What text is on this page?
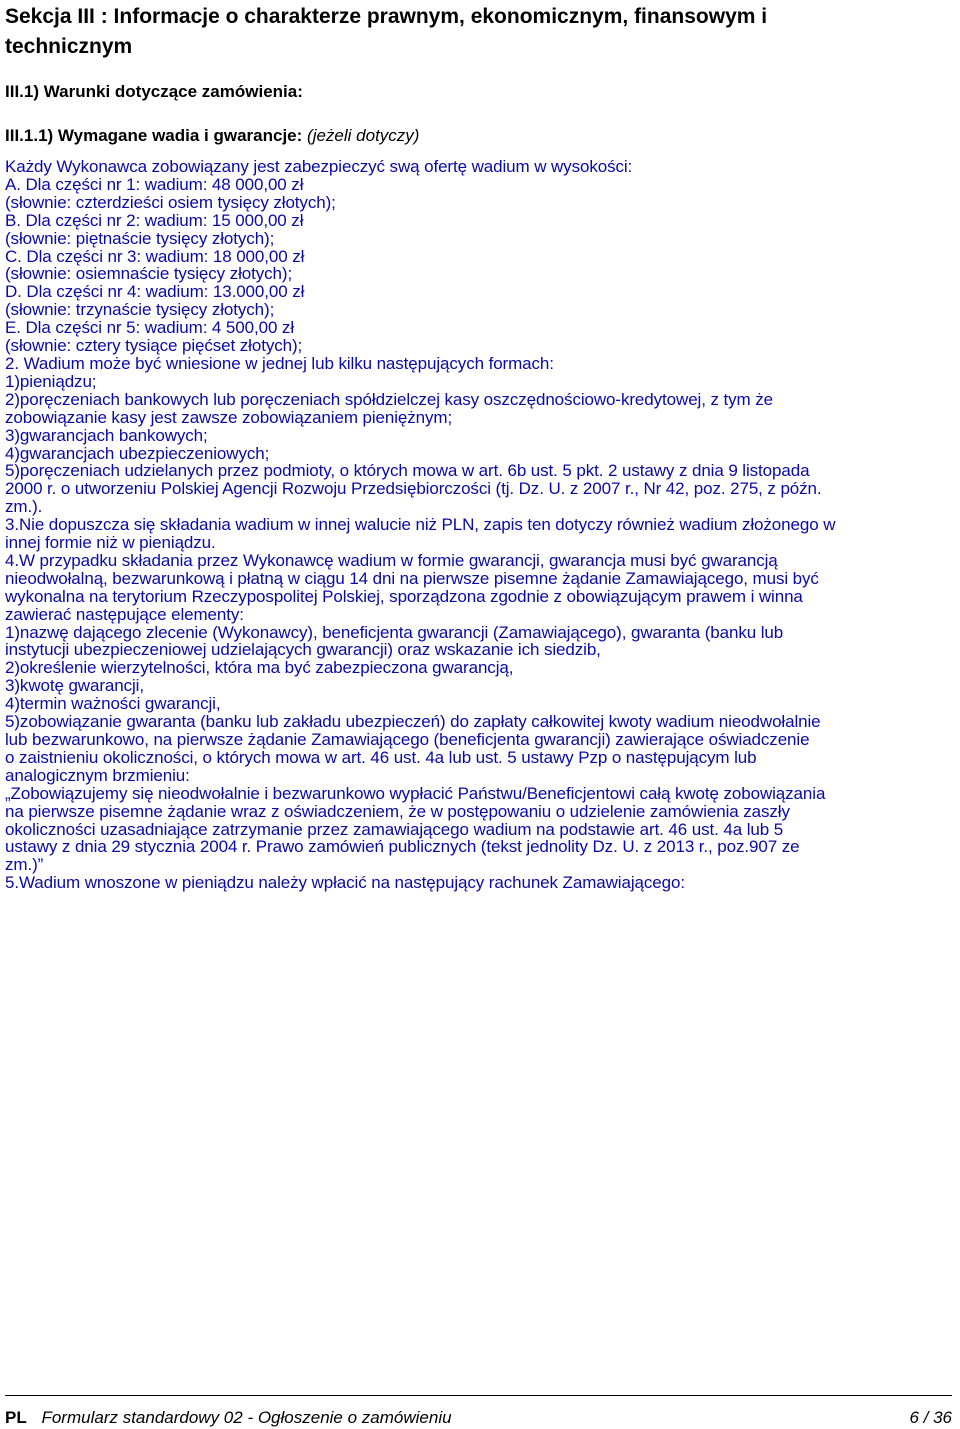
Sekcja III : Informacje o charakterze prawnym, ekonomicznym, finansowym i
technicznym
III.1) Warunki dotyczące zamówienia:
III.1.1) Wymagane wadia i gwarancje: (jeżeli dotyczy)
Każdy Wykonawca zobowiązany jest zabezpieczyć swą ofertę wadium w wysokości:
A. Dla części nr 1: wadium: 48 000,00 zł
(słownie: czterdzieści osiem tysięcy złotych);
B. Dla części nr 2: wadium: 15 000,00 zł
(słownie: piętnaście tysięcy złotych);
C. Dla części nr 3: wadium: 18 000,00 zł
(słownie: osiemnaście tysięcy złotych);
D. Dla części nr 4: wadium: 13.000,00 zł
(słownie: trzynaście tysięcy złotych);
E. Dla części nr 5: wadium: 4 500,00 zł
(słownie: cztery tysiące pięćset złotych);
2. Wadium może być wniesione w jednej lub kilku następujących formach:
1)pieniądzu;
2)poręczeniach bankowych lub poręczeniach spółdzielczej kasy oszczędnościowo-kredytowej, z tym że
zobowiązanie kasy jest zawsze zobowiązaniem pieniężnym;
3)gwarancjach bankowych;
4)gwarancjach ubezpieczeniowych;
5)poręczeniach udzielanych przez podmioty, o których mowa w art. 6b ust. 5 pkt. 2 ustawy z dnia 9 listopada
2000 r. o utworzeniu Polskiej Agencji Rozwoju Przedsiębiorczości (tj. Dz. U. z 2007 r., Nr 42, poz. 275, z późn.
zm.).
3.Nie dopuszcza się składania wadium w innej walucie niż PLN, zapis ten dotyczy również wadium złożonego w
innej formie niż w pieniądzu.
4.W przypadku składania przez Wykonawcę wadium w formie gwarancji, gwarancja musi być gwarancją
nieodwołalną, bezwarunkową i płatną w ciągu 14 dni na pierwsze pisemne żądanie Zamawiającego, musi być
wykonalna na terytorium Rzeczypospolitej Polskiej, sporządzona zgodnie z obowiązującym prawem i winna
zawierać następujące elementy:
1)nazwę dającego zlecenie (Wykonawcy), beneficjenta gwarancji (Zamawiającego), gwaranta (banku lub
instytucji ubezpieczeniowej udzielających gwarancji) oraz wskazanie ich siedzib,
2)określenie wierzytelności, która ma być zabezpieczona gwarancją,
3)kwotę gwarancji,
4)termin ważności gwarancji,
5)zobowiązanie gwaranta (banku lub zakładu ubezpieczeń) do zapłaty całkowitej kwoty wadium nieodwołalnie
lub bezwarunkowo, na pierwsze żądanie Zamawiającego (beneficjenta gwarancji) zawierające oświadczenie
o zaistnieniu okoliczności, o których mowa w art. 46 ust. 4a lub ust. 5 ustawy Pzp o następującym lub
analogicznym brzmieniu:
„Zobowiązujemy się nieodwołalnie i bezwarunkowo wypłacić Państwu/Beneficjentowi całą kwotę zobowiązania
na pierwsze pisemne żądanie wraz z oświadczeniem, że w postępowaniu o udzielenie zamówienia zaszły
okoliczności uzasadniające zatrzymanie przez zamawiającego wadium na podstawie art. 46 ust. 4a lub 5
ustawy z dnia 29 stycznia 2004 r. Prawo zamówień publicznych (tekst jednolity Dz. U. z 2013 r., poz.907 ze
zm.)”
5.Wadium wnoszone w pieniądzu należy wpłacić na następujący rachunek Zamawiającego:
PL Formularz standardowy 02 - Ogłoszenie o zamówieniu	6 / 36
